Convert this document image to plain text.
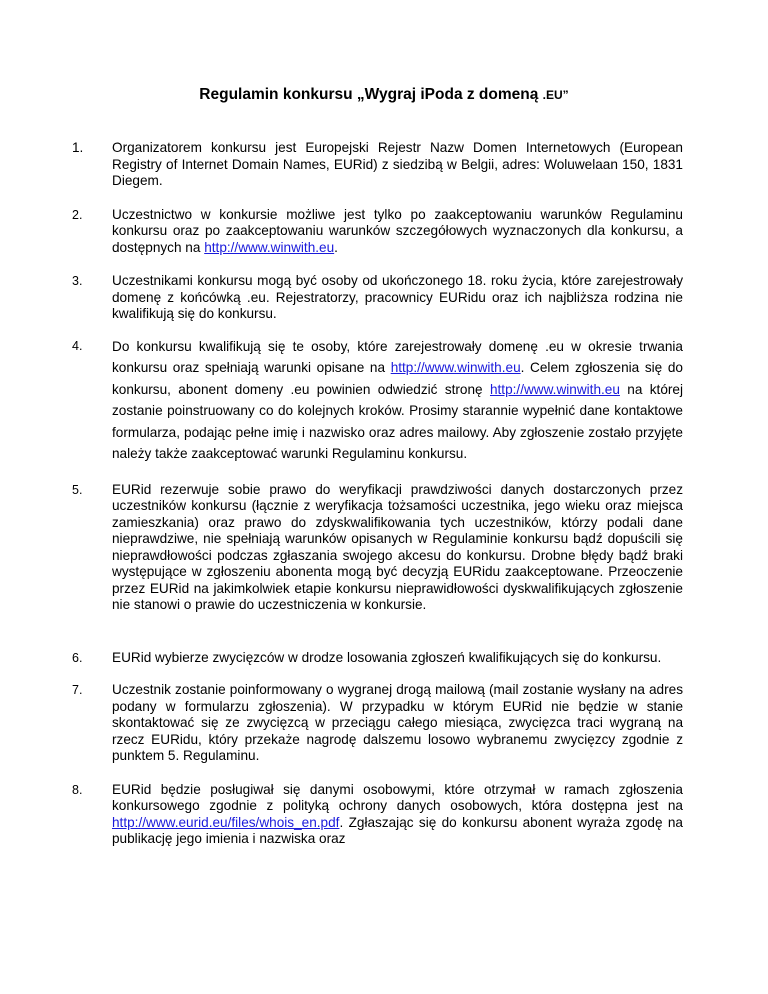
Regulamin konkursu „Wygraj iPoda z domeną .EU”
1. Organizatorem konkursu jest Europejski Rejestr Nazw Domen Internetowych (European Registry of Internet Domain Names, EURid) z siedzibą w Belgii, adres: Woluwelaan 150, 1831 Diegem.
2. Uczestnictwo w konkursie możliwe jest tylko po zaakceptowaniu warunków Regulaminu konkursu oraz po zaakceptowaniu warunków szczegółowych wyznaczonych dla konkursu, a dostępnych na http://www.winwith.eu.
3. Uczestnikami konkursu mogą być osoby od ukończonego 18. roku życia, które zarejestrowały domenę z końcówką .eu. Rejestratorzy, pracownicy EURidu oraz ich najbliższa rodzina nie kwalifikują się do konkursu.
4. Do konkursu kwalifikują się te osoby, które zarejestrowały domenę .eu w okresie trwania konkursu oraz spełniają warunki opisane na http://www.winwith.eu. Celem zgłoszenia się do konkursu, abonent domeny .eu powinien odwiedzić stronę http://www.winwith.eu na której zostanie poinstruowany co do kolejnych kroków. Prosimy starannie wypełnić dane kontaktowe formularza, podając pełne imię i nazwisko oraz adres mailowy. Aby zgłoszenie zostało przyjęte należy także zaakceptować warunki Regulaminu konkursu.
5. EURid rezerwuje sobie prawo do weryfikacji prawdziwości danych dostarczonych przez uczestników konkursu (łącznie z weryfikacja tożsamości uczestnika, jego wieku oraz miejsca zamieszkania) oraz prawo do zdyskwalifikowania tych uczestników, którzy podali dane nieprawdziwe, nie spełniają warunków opisanych w Regulaminie konkursu bądź dopuścili się nieprawdłowości podczas zgłaszania swojego akcesu do konkursu. Drobne błędy bądź braki występujące w zgłoszeniu abonenta mogą być decyzją EURidu zaakceptowane. Przeoczenie przez EURid na jakimkolwiek etapie konkursu nieprawidłowości dyskwalifikujących zgłoszenie nie stanowi o prawie do uczestniczenia w konkursie.
6. EURid wybierze zwycięzców w drodze losowania zgłoszeń kwalifikujących się do konkursu.
7. Uczestnik zostanie poinformowany o wygranej drogą mailową (mail zostanie wysłany na adres podany w formularzu zgłoszenia). W przypadku w którym EURid nie będzie w stanie skontaktować się ze zwycięzcą w przeciągu całego miesiąca, zwycięzca traci wygraną na rzecz EURidu, który przekaże nagrodę dalszemu losowo wybranemu zwycięzcy zgodnie z punktem 5. Regulaminu.
8. EURid będzie posługiwał się danymi osobowymi, które otrzymał w ramach zgłoszenia konkursowego zgodnie z polityką ochrony danych osobowych, która dostępna jest na http://www.eurid.eu/files/whois_en.pdf. Zgłaszając się do konkursu abonent wyraża zgodę na publikację jego imienia i nazwiska oraz
